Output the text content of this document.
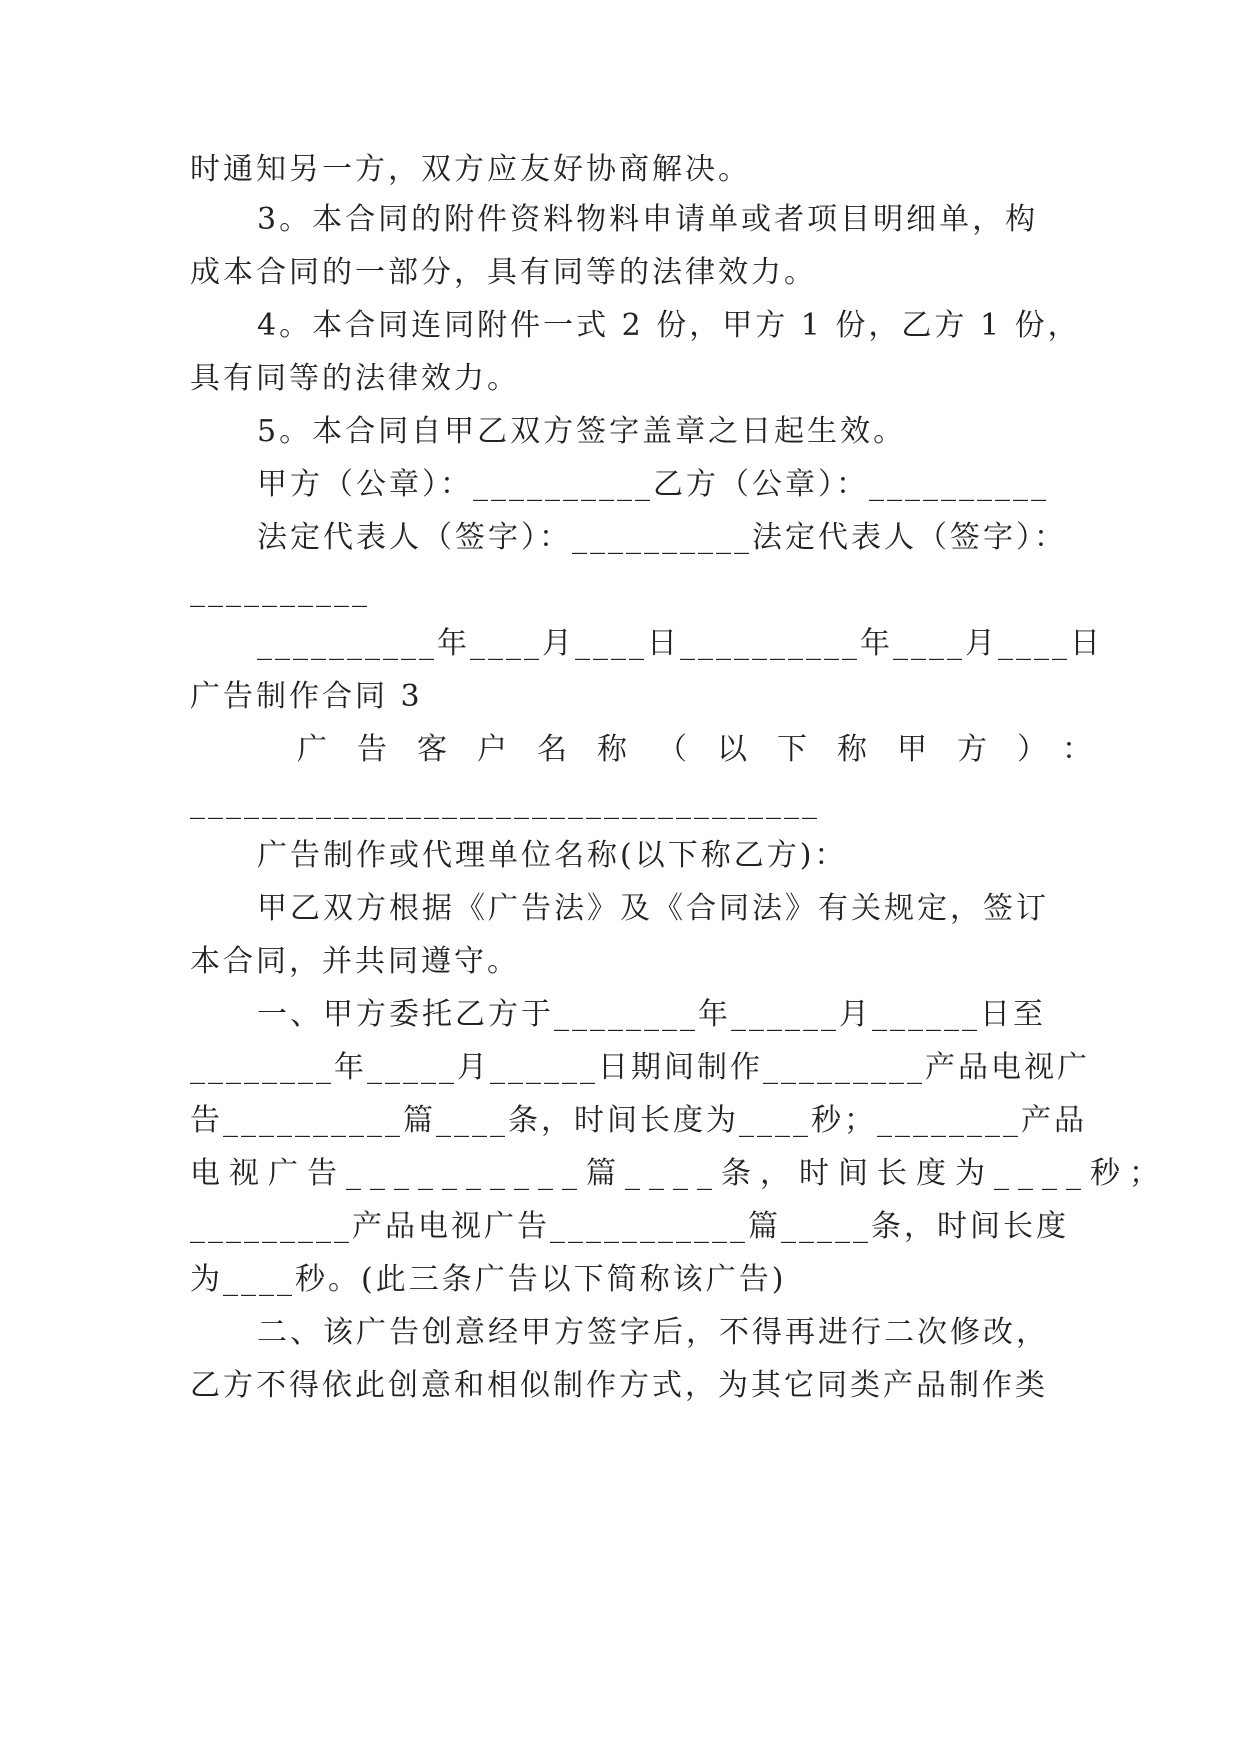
时通知另一方，双方应友好协商解决。
3。本合同的附件资料物料申请单或者项目明细单，构
成本合同的一部分，具有同等的法律效力。
4。本合同连同附件一式 2 份，甲方 1 份，乙方 1 份，
具有同等的法律效力。
5。本合同自甲乙双方签字盖章之日起生效。
甲方（公章）：__________乙方（公章）：__________
法定代表人（签字）：__________法定代表人（签字）：
__________
__________年____月____日__________年____月____日
广告制作合同 3
广告客户名称（以下称甲方）：
___________________________________
广告制作或代理单位名称(以下称乙方)：
甲乙双方根据《广告法》及《合同法》有关规定，签订
本合同，并共同遵守。
一、甲方委托乙方于________年______月______日至
________年_____月______日期间制作_________产品电视广
告__________篇____条，时间长度为____秒；________产品
电视广告__________篇____条，时间长度为____秒；
_________产品电视广告___________篇_____条，时间长度
为____秒。(此三条广告以下简称该广告)
二、该广告创意经甲方签字后，不得再进行二次修改，
乙方不得依此创意和相似制作方式，为其它同类产品制作类
